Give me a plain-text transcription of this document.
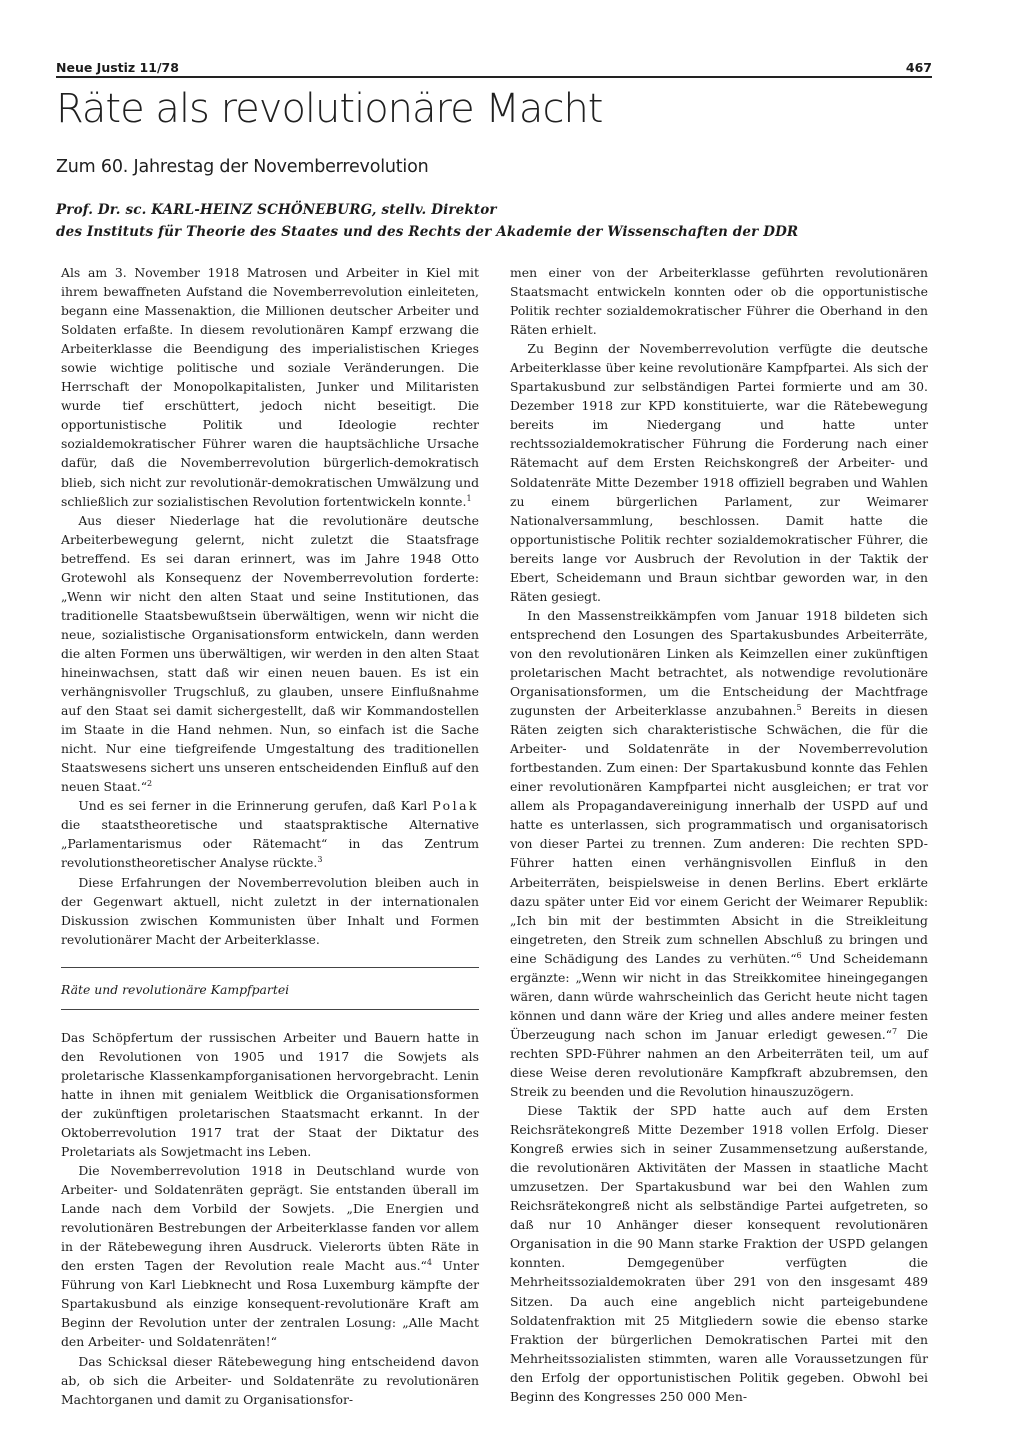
Neue Justiz 11/78	467
Räte als revolutionäre Macht
Zum 60. Jahrestag der Novemberrevolution
Prof. Dr. sc. KARL-HEINZ SCHÖNEBURG, stellv. Direktor
des Instituts für Theorie des Staates und des Rechts der Akademie der Wissenschaften der DDR

Als am 3. November 1918 Matrosen und Arbeiter in Kiel mit ihrem bewaffneten Aufstand die Novemberrevolution einleiteten, begann eine Massenaktion, die Millionen deutscher Arbeiter und Soldaten erfaßte. In diesem revolutionären Kampf erzwang die Arbeiterklasse die Beendigung des imperialistischen Krieges sowie wichtige politische und soziale Veränderungen. Die Herrschaft der Monopolkapitalisten, Junker und Militaristen wurde tief erschüttert, jedoch nicht beseitigt. Die opportunistische Politik und Ideologie rechter sozialdemokratischer Führer waren die hauptsächliche Ursache dafür, daß die Novemberrevolution bürgerlich-demokratisch blieb, sich nicht zur revolutionär-demokratischen Umwälzung und schließlich zur sozialistischen Revolution fortentwickeln konnte.$^1$

Aus dieser Niederlage hat die revolutionäre deutsche Arbeiterbewegung gelernt, nicht zuletzt die Staatsfrage betreffend. Es sei daran erinnert, was im Jahre 1948 Otto Grotewohl als Konsequenz der Novemberrevolution forderte: „Wenn wir nicht den alten Staat und seine Institutionen, das traditionelle Staatsbewußtsein überwältigen, wenn wir nicht die neue, sozialistische Organisationsform entwickeln, dann werden die alten Formen uns überwältigen, wir werden in den alten Staat hineinwachsen, statt daß wir einen neuen bauen. Es ist ein verhängnisvoller Trugschluß, zu glauben, unsere Einflußnahme auf den Staat sei damit sichergestellt, daß wir Kommandostellen im Staate in die Hand nehmen. Nun, so einfach ist die Sache nicht. Nur eine tiefgreifende Umgestaltung des traditionellen Staatswesens sichert uns unseren entscheidenden Einfluß auf den neuen Staat.“$^2$

Und es sei ferner in die Erinnerung gerufen, daß Karl Polak die staatstheoretische und staatspraktische Alternative „Parlamentarismus oder Rätemacht“ in das Zentrum revolutionstheoretischer Analyse rückte.$^3$

Diese Erfahrungen der Novemberrevolution bleiben auch in der Gegenwart aktuell, nicht zuletzt in der internationalen Diskussion zwischen Kommunisten über Inhalt und Formen revolutionärer Macht der Arbeiterklasse.

Räte und revolutionäre Kampfpartei

Das Schöpfertum der russischen Arbeiter und Bauern hatte in den Revolutionen von 1905 und 1917 die Sowjets als proletarische Klassenkampforganisationen hervorgebracht. Lenin hatte in ihnen mit genialem Weitblick die Organisationsformen der zukünftigen proletarischen Staatsmacht erkannt. In der Oktoberrevolution 1917 trat der Staat der Diktatur des Proletariats als Sowjetmacht ins Leben.

Die Novemberrevolution 1918 in Deutschland wurde von Arbeiter- und Soldatenräten geprägt. Sie entstanden überall im Lande nach dem Vorbild der Sowjets. „Die Energien und revolutionären Bestrebungen der Arbeiterklasse fanden vor allem in der Rätebewegung ihren Ausdruck. Vielerorts übten Räte in den ersten Tagen der Revolution reale Macht aus.“$^4$ Unter Führung von Karl Liebknecht und Rosa Luxemburg kämpfte der Spartakusbund als einzige konsequent-revolutionäre Kraft am Beginn der Revolution unter der zentralen Losung: „Alle Macht den Arbeiter- und Soldatenräten!“

Das Schicksal dieser Rätebewegung hing entscheidend davon ab, ob sich die Arbeiter- und Soldatenräte zu revolutionären Machtorganen und damit zu Organisationsfor-

men einer von der Arbeiterklasse geführten revolutionären Staatsmacht entwickeln konnten oder ob die opportunistische Politik rechter sozialdemokratischer Führer die Oberhand in den Räten erhielt.

Zu Beginn der Novemberrevolution verfügte die deutsche Arbeiterklasse über keine revolutionäre Kampfpartei. Als sich der Spartakusbund zur selbständigen Partei formierte und am 30. Dezember 1918 zur KPD konstituierte, war die Rätebewegung bereits im Niedergang und hatte unter rechtssozialdemokratischer Führung die Forderung nach einer Rätemacht auf dem Ersten Reichskongreß der Arbeiter- und Soldatenräte Mitte Dezember 1918 offiziell begraben und Wahlen zu einem bürgerlichen Parlament, zur Weimarer Nationalversammlung, beschlossen. Damit hatte die opportunistische Politik rechter sozialdemokratischer Führer, die bereits lange vor Ausbruch der Revolution in der Taktik der Ebert, Scheidemann und Braun sichtbar geworden war, in den Räten gesiegt.

In den Massenstreikkämpfen vom Januar 1918 bildeten sich entsprechend den Losungen des Spartakusbundes Arbeiterräte, von den revolutionären Linken als Keimzellen einer zukünftigen proletarischen Macht betrachtet, als notwendige revolutionäre Organisationsformen, um die Entscheidung der Machtfrage zugunsten der Arbeiterklasse anzubahnen.$^5$ Bereits in diesen Räten zeigten sich charakteristische Schwächen, die für die Arbeiter- und Soldatenräte in der Novemberrevolution fortbestanden. Zum einen: Der Spartakusbund konnte das Fehlen einer revolutionären Kampfpartei nicht ausgleichen; er trat vor allem als Propagandavereinigung innerhalb der USPD auf und hatte es unterlassen, sich programmatisch und organisatorisch von dieser Partei zu trennen. Zum anderen: Die rechten SPD-Führer hatten einen verhängnisvollen Einfluß in den Arbeiterräten, beispielsweise in denen Berlins. Ebert erklärte dazu später unter Eid vor einem Gericht der Weimarer Republik: „Ich bin mit der bestimmten Absicht in die Streikleitung eingetreten, den Streik zum schnellen Abschluß zu bringen und eine Schädigung des Landes zu verhüten.“$^6$ Und Scheidemann ergänzte: „Wenn wir nicht in das Streikkomitee hineingegangen wären, dann würde wahrscheinlich das Gericht heute nicht tagen können und dann wäre der Krieg und alles andere meiner festen Überzeugung nach schon im Januar erledigt gewesen.“$^7$ Die rechten SPD-Führer nahmen an den Arbeiterräten teil, um auf diese Weise deren revolutionäre Kampfkraft abzubremsen, den Streik zu beenden und die Revolution hinauszuzögern.

Diese Taktik der SPD hatte auch auf dem Ersten Reichsrätekongreß Mitte Dezember 1918 vollen Erfolg. Dieser Kongreß erwies sich in seiner Zusammensetzung außerstande, die revolutionären Aktivitäten der Massen in staatliche Macht umzusetzen. Der Spartakusbund war bei den Wahlen zum Reichsrätekongreß nicht als selbständige Partei aufgetreten, so daß nur 10 Anhänger dieser konsequent revolutionären Organisation in die 90 Mann starke Fraktion der USPD gelangen konnten. Demgegenüber verfügten die Mehrheitssozialdemokraten über 291 von den insgesamt 489 Sitzen. Da auch eine angeblich nicht parteigebundene Soldatenfraktion mit 25 Mitgliedern sowie die ebenso starke Fraktion der bürgerlichen Demokratischen Partei mit den Mehrheitssozialisten stimmten, waren alle Voraussetzungen für den Erfolg der opportunistischen Politik gegeben. Obwohl bei Beginn des Kongresses 250 000 Men-
